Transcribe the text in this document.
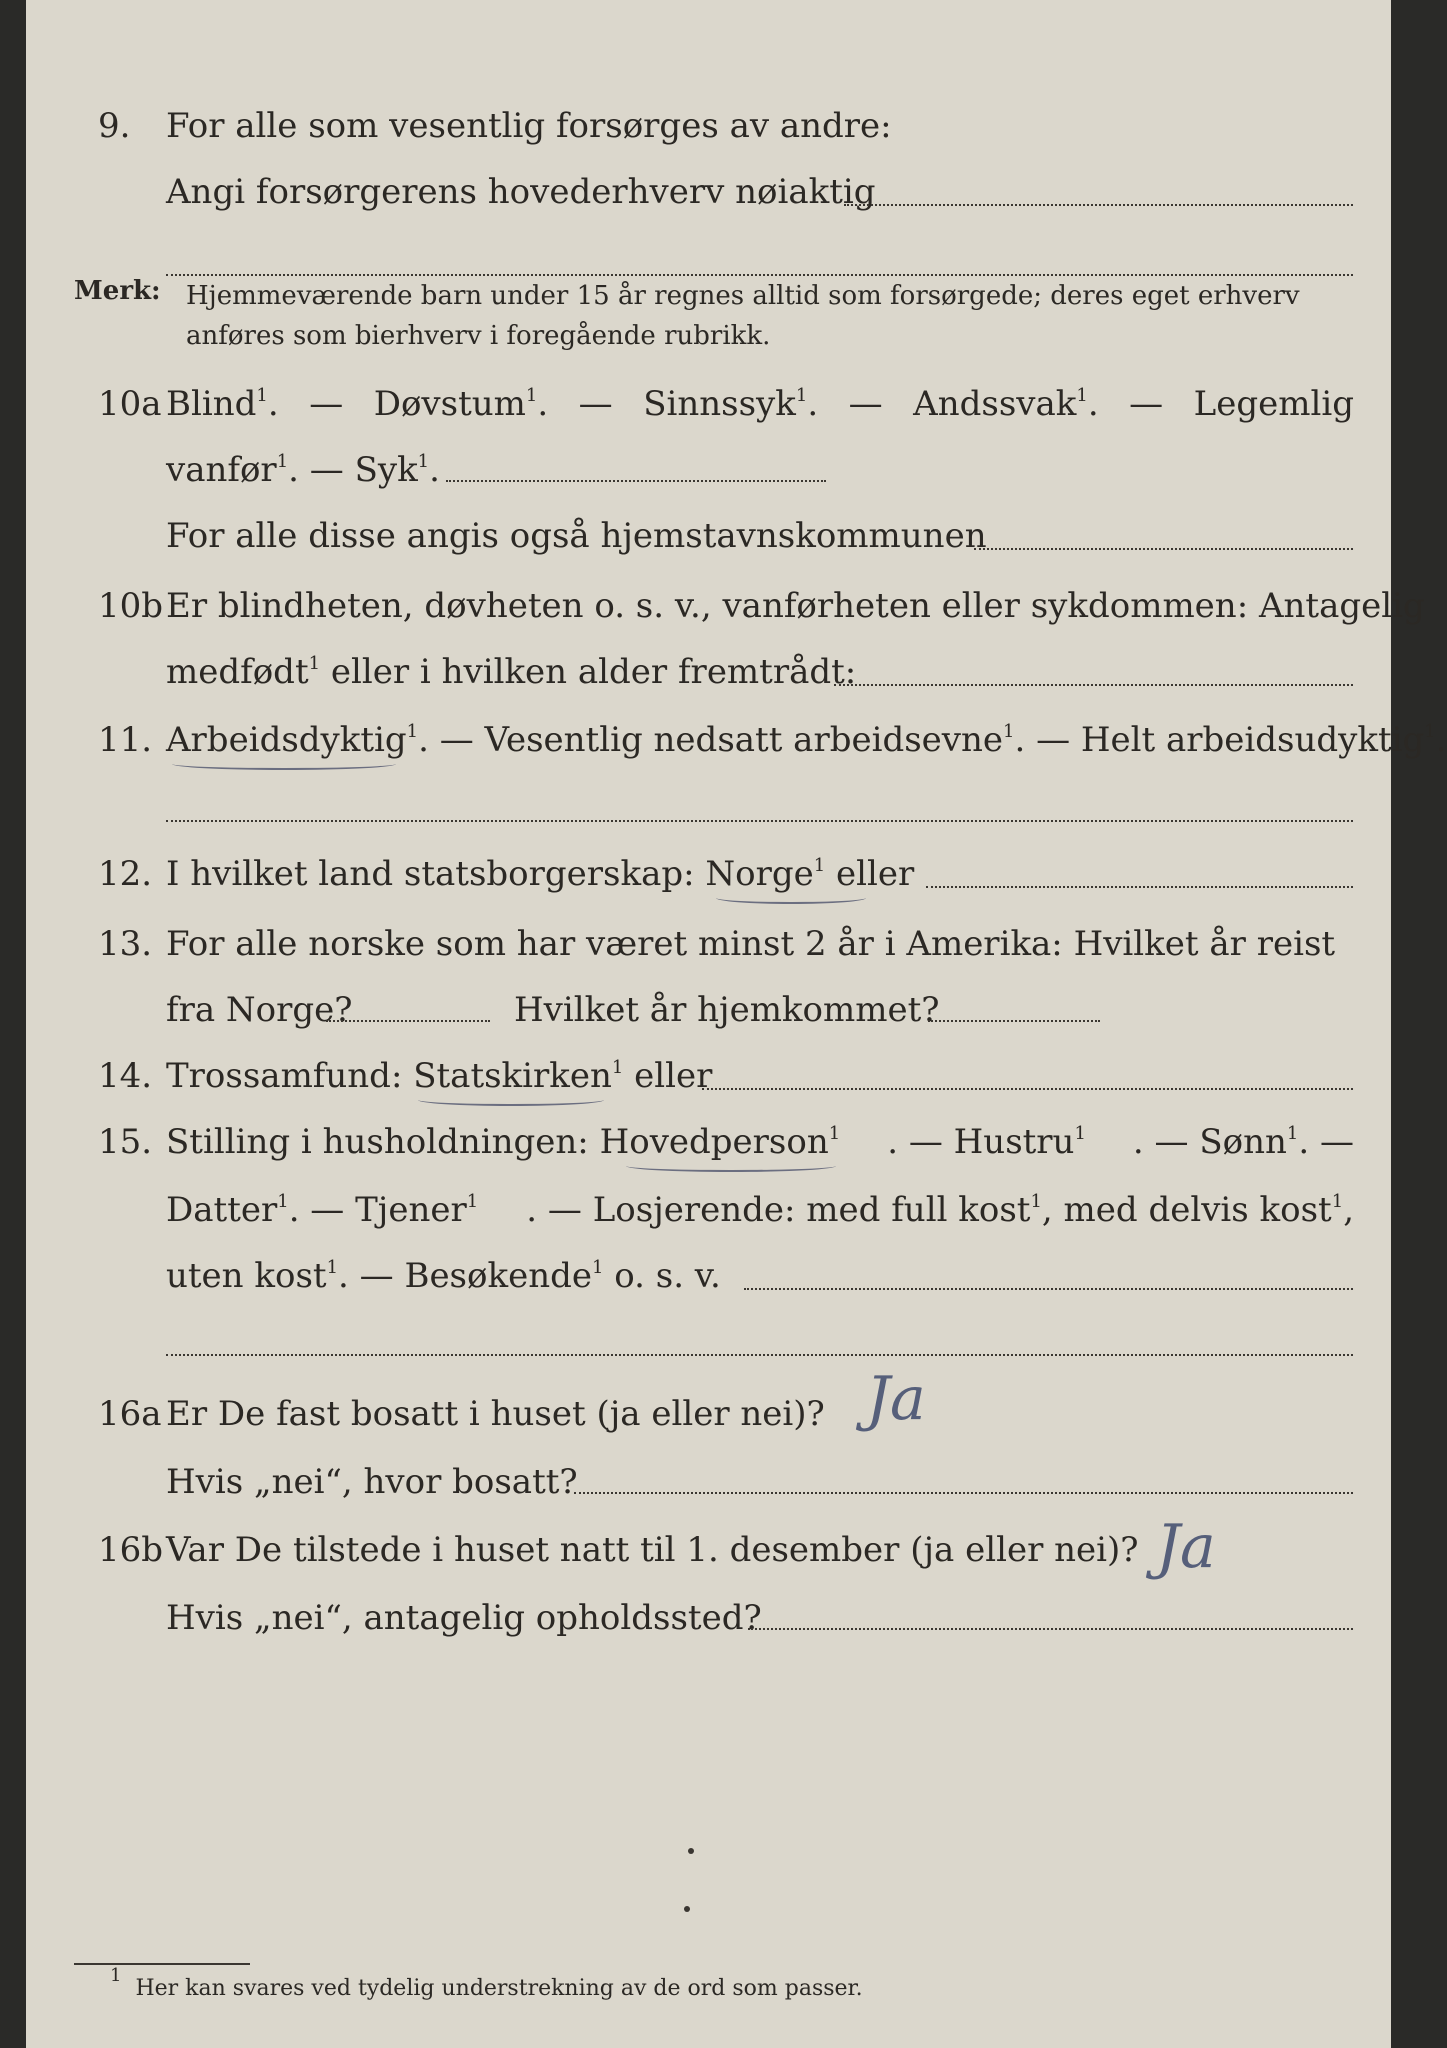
9. For alle som vesentlig forsørges av andre:
Angi forsørgerens hovederhverv nøiaktig
Merk: Hjemmeværende barn under 15 år regnes alltid som forsørgede; deres eget erhverv anføres som bierhverv i foregående rubrikk.
10a Blind$^1$. — Døvstum$^1$. — Sinnssyk$^1$. — Andssvak$^1$. — Legemlig
vanfør$^1$. — Syk$^1$.
For alle disse angis også hjemstavnskommunen
10b Er blindheten, døvheten o. s. v., vanførheten eller sykdommen: Antagelig
medfødt$^1$ eller i hvilken alder fremtrådt:
11. Arbeidsdyktig$^1$. — Vesentlig nedsatt arbeidsevne$^1$. — Helt arbeidsudyktig$^1$.
12. I hvilket land statsborgerskap: Norge$^1$ eller
13. For alle norske som har været minst 2 år i Amerika: Hvilket år reist
fra Norge?	Hvilket år hjemkommet?
14. Trossamfund: Statskirken$^1$ eller
15. Stilling i husholdningen: Hovedperson$^1$ . — Hustru$^1$ . — Sønn$^1$. —
Datter$^1$. — Tjener$^1$ . — Losjerende: med full kost$^1$, med delvis kost$^1$,
uten kost$^1$. — Besøkende$^1$ o. s. v.
16a Er De fast bosatt i huset (ja eller nei)? Ja
Hvis „nei“, hvor bosatt?
16b Var De tilstede i huset natt til 1. desember (ja eller nei)? Ja
Hvis „nei“, antagelig opholdssted?
$^1$  Her kan svares ved tydelig understrekning av de ord som passer.
